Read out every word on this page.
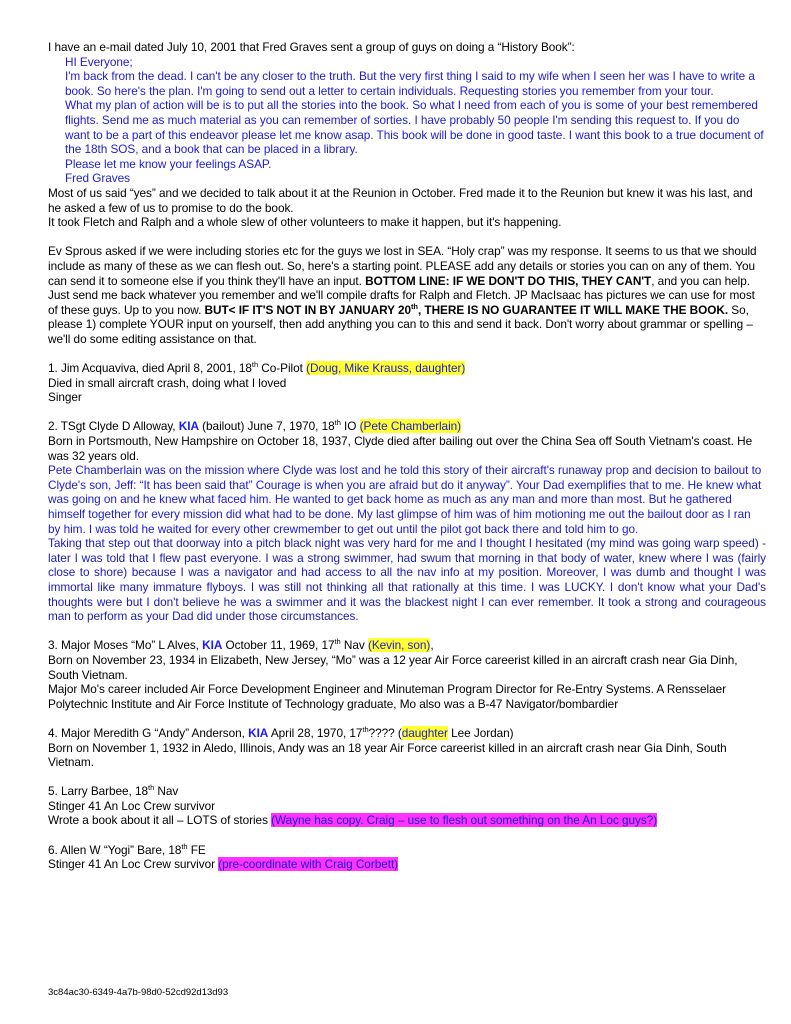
I have an e-mail dated July 10, 2001 that Fred Graves sent a group of guys on doing a “History Book”:

HI Everyone;

I'm back from the dead. I can't be any closer to the truth. But the very first thing I said to my wife when I seen her was I have to write a book. So here's the plan. I'm going to send out a letter to certain individuals. Requesting stories you remember from your tour.

What my plan of action will be is to put all the stories into the book. So what I need from each of you is some of your best remembered flights. Send me as much material as you can remember of sorties. I have probably 50 people I'm sending this request to. If you do want to be a part of this endeavor please let me know asap. This book will be done in good taste. I want this book to a true document of the 18th SOS, and a book that can be placed in a library.

Please let me know your feelings ASAP.

Fred Graves

Most of us said “yes” and we decided to talk about it at the Reunion in October. Fred made it to the Reunion but knew it was his last, and he asked a few of us to promise to do the book.

It took Fletch and Ralph and a whole slew of other volunteers to make it happen, but it's happening.

Ev Sprous asked if we were including stories etc for the guys we lost in SEA. “Holy crap” was my response. It seems to us that we should include as many of these as we can flesh out. So, here's a starting point. PLEASE add any details or stories you can on any of them. You can send it to someone else if you think they'll have an input. BOTTOM LINE: IF WE DON'T DO THIS, THEY CAN'T, and you can help.

Just send me back whatever you remember and we'll compile drafts for Ralph and Fletch. JP MacIsaac has pictures we can use for most of these guys. Up to you now. BUT< IF IT'S NOT IN BY JANUARY 20th, THERE IS NO GUARANTEE IT WILL MAKE THE BOOK. So, please 1) complete YOUR input on yourself, then add anything you can to this and send it back. Don't worry about grammar or spelling – we'll do some editing assistance on that.

1. Jim Acquaviva, died April 8, 2001, 18th Co-Pilot (Doug, Mike Krauss, daughter)

Died in small aircraft crash, doing what I loved

Singer

2. TSgt Clyde D Alloway, KIA (bailout) June 7, 1970, 18th IO (Pete Chamberlain)

Born in Portsmouth, New Hampshire on October 18, 1937, Clyde died after bailing out over the China Sea off South Vietnam's coast. He was 32 years old.

Pete Chamberlain was on the mission where Clyde was lost and he told this story of their aircraft's runaway prop and decision to bailout to Clyde's son, Jeff: “It has been said that” Courage is when you are afraid but do it anyway”. Your Dad exemplifies that to me. He knew what was going on and he knew what faced him. He wanted to get back home as much as any man and more than most. But he gathered himself together for every mission did what had to be done. My last glimpse of him was of him motioning me out the bailout door as I ran by him. I was told he waited for every other crewmember to get out until the pilot got back there and told him to go.

Taking that step out that doorway into a pitch black night was very hard for me and I thought I hesitated (my mind was going warp speed) - later I was told that I flew past everyone. I was a strong swimmer, had swum that morning in that body of water, knew where I was (fairly close to shore) because I was a navigator and had access to all the nav info at my position. Moreover, I was dumb and thought I was immortal like many immature flyboys. I was still not thinking all that rationally at this time. I was LUCKY. I don't know what your Dad's thoughts were but I don't believe he was a swimmer and it was the blackest night I can ever remember. It took a strong and courageous man to perform as your Dad did under those circumstances.

3. Major Moses “Mo” L Alves, KIA October 11, 1969, 17th Nav (Kevin, son),

Born on November 23, 1934 in Elizabeth, New Jersey, “Mo” was a 12 year Air Force careerist killed in an aircraft crash near Gia Dinh, South Vietnam.

Major Mo's career included Air Force Development Engineer and Minuteman Program Director for Re-Entry Systems. A Rensselaer Polytechnic Institute and Air Force Institute of Technology graduate, Mo also was a B-47 Navigator/bombardier

4. Major Meredith G “Andy” Anderson, KIA April 28, 1970, 17th???? (daughter Lee Jordan)

Born on November 1, 1932 in Aledo, Illinois, Andy was an 18 year Air Force careerist killed in an aircraft crash near Gia Dinh, South Vietnam.

5. Larry Barbee, 18th Nav

Stinger 41 An Loc Crew survivor

Wrote a book about it all – LOTS of stories (Wayne has copy. Craig – use to flesh out something on the An Loc guys?)

6. Allen W “Yogi” Bare, 18th FE

Stinger 41 An Loc Crew survivor (pre-coordinate with Craig Corbett)

3c84ac30-6349-4a7b-98d0-52cd92d13d93
